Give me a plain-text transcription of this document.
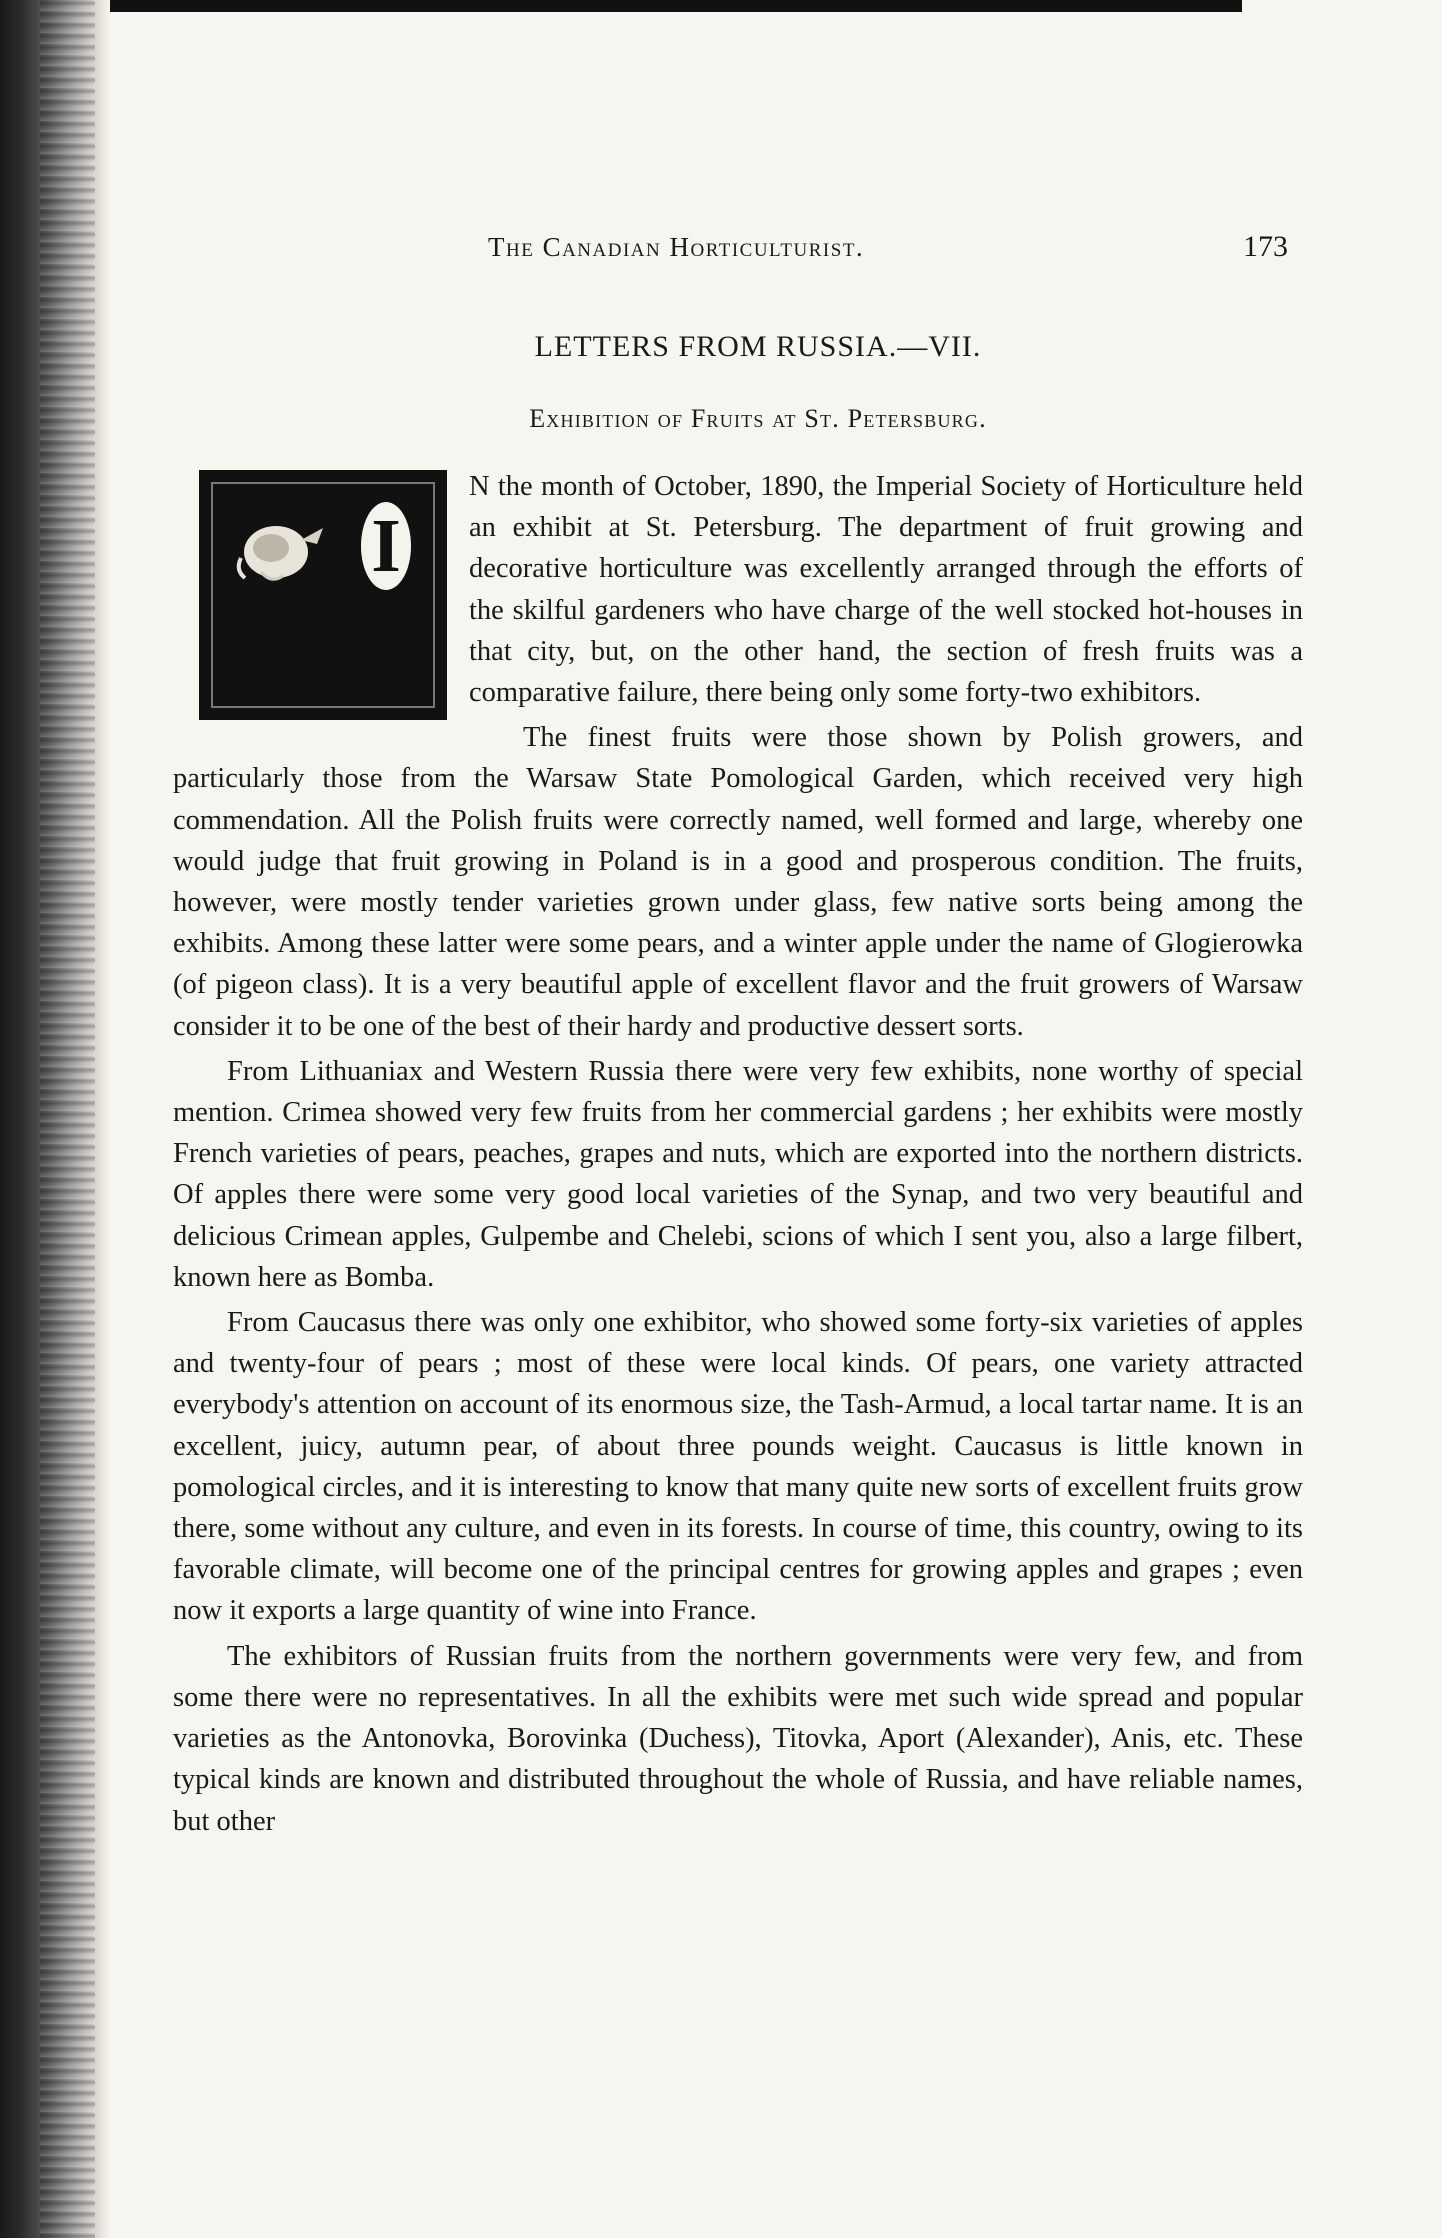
The Canadian Horticulturist.	173
LETTERS FROM RUSSIA.—VII.
Exhibition of Fruits at St. Petersburg.
I

N the month of October, 1890, the Imperial Society of Horticulture held an exhibit at St. Petersburg. The department of fruit growing and decorative horticulture was excellently arranged through the efforts of the skilful gardeners who have charge of the well stocked hot-houses in that city, but, on the other hand, the section of fresh fruits was a comparative failure, there being only some forty-two exhibitors.

The finest fruits were those shown by Polish growers, and particularly those from the Warsaw State Pomological Garden, which received very high commendation. All the Polish fruits were correctly named, well formed and large, whereby one would judge that fruit growing in Poland is in a good and prosperous condition. The fruits, however, were mostly tender varieties grown under glass, few native sorts being among the exhibits. Among these latter were some pears, and a winter apple under the name of Glogierowka (of pigeon class). It is a very beautiful apple of excellent flavor and the fruit growers of Warsaw consider it to be one of the best of their hardy and productive dessert sorts.

From Lithuaniax and Western Russia there were very few exhibits, none worthy of special mention. Crimea showed very few fruits from her commercial gardens ; her exhibits were mostly French varieties of pears, peaches, grapes and nuts, which are exported into the northern districts. Of apples there were some very good local varieties of the Synap, and two very beautiful and delicious Crimean apples, Gulpembe and Chelebi, scions of which I sent you, also a large filbert, known here as Bomba.

From Caucasus there was only one exhibitor, who showed some forty-six varieties of apples and twenty-four of pears ; most of these were local kinds. Of pears, one variety attracted everybody's attention on account of its enormous size, the Tash-Armud, a local tartar name. It is an excellent, juicy, autumn pear, of about three pounds weight. Caucasus is little known in pomological circles, and it is interesting to know that many quite new sorts of excellent fruits grow there, some without any culture, and even in its forests. In course of time, this country, owing to its favorable climate, will become one of the principal centres for growing apples and grapes ; even now it exports a large quantity of wine into France.

The exhibitors of Russian fruits from the northern governments were very few, and from some there were no representatives. In all the exhibits were met such wide spread and popular varieties as the Antonovka, Borovinka (Duchess), Titovka, Aport (Alexander), Anis, etc. These typical kinds are known and distributed throughout the whole of Russia, and have reliable names, but other
